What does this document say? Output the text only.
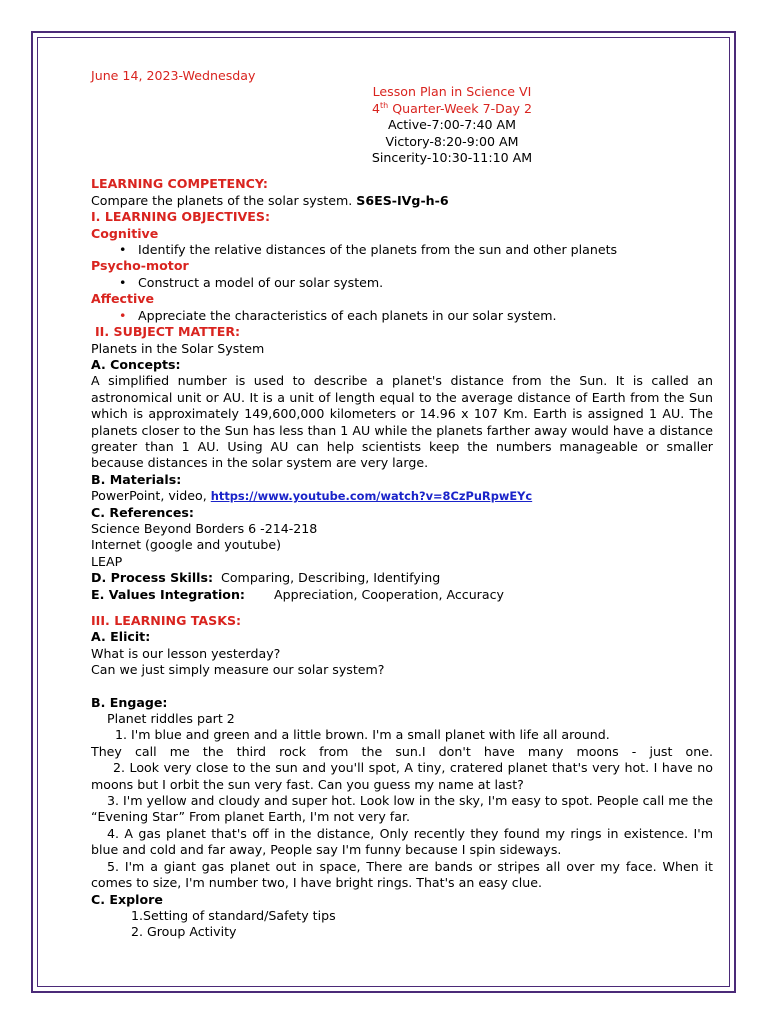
June 14, 2023-Wednesday
Lesson Plan in Science VI
4th Quarter-Week 7-Day 2
Active-7:00-7:40 AM
Victory-8:20-9:00 AM
Sincerity-10:30-11:10 AM
LEARNING COMPETENCY:
Compare the planets of the solar system. S6ES-IVg-h-6
I. LEARNING OBJECTIVES:
Cognitive
• Identify the relative distances of the planets from the sun and other planets
Psycho-motor
• Construct a model of our solar system.
Affective
• Appreciate the characteristics of each planets in our solar system.
II. SUBJECT MATTER:
Planets in the Solar System
A. Concepts:
A simplified number is used to describe a planet's distance from the Sun. It is called an astronomical unit or AU. It is a unit of length equal to the average distance of Earth from the Sun which is approximately 149,600,000 kilometers or 14.96 x 107 Km. Earth is assigned 1 AU. The planets closer to the Sun has less than 1 AU while the planets farther away would have a distance greater than 1 AU. Using AU can help scientists keep the numbers manageable or smaller because distances in the solar system are very large.
B. Materials:
PowerPoint, video, https://www.youtube.com/watch?v=8CzPuRpwEYc
C. References:
Science Beyond Borders 6 -214-218
Internet (google and youtube)
LEAP
D. Process Skills: Comparing, Describing, Identifying
E. Values Integration: Appreciation, Cooperation, Accuracy
III. LEARNING TASKS:
A. Elicit:
What is our lesson yesterday?
Can we just simply measure our solar system?
B. Engage:
Planet riddles part 2
1. I'm blue and green and a little brown. I'm a small planet with life all around.
They call me the third rock from the sun.I don't have many moons - just one.
2. Look very close to the sun and you'll spot, A tiny, cratered planet that's very hot. I have no moons but I orbit the sun very fast. Can you guess my name at last?
3. I'm yellow and cloudy and super hot. Look low in the sky, I'm easy to spot. People call me the “Evening Star” From planet Earth, I'm not very far.
4. A gas planet that's off in the distance, Only recently they found my rings in existence. I'm blue and cold and far away, People say I'm funny because I spin sideways.
5. I'm a giant gas planet out in space, There are bands or stripes all over my face. When it comes to size, I'm number two, I have bright rings. That's an easy clue.
C. Explore
1.Setting of standard/Safety tips
2. Group Activity
